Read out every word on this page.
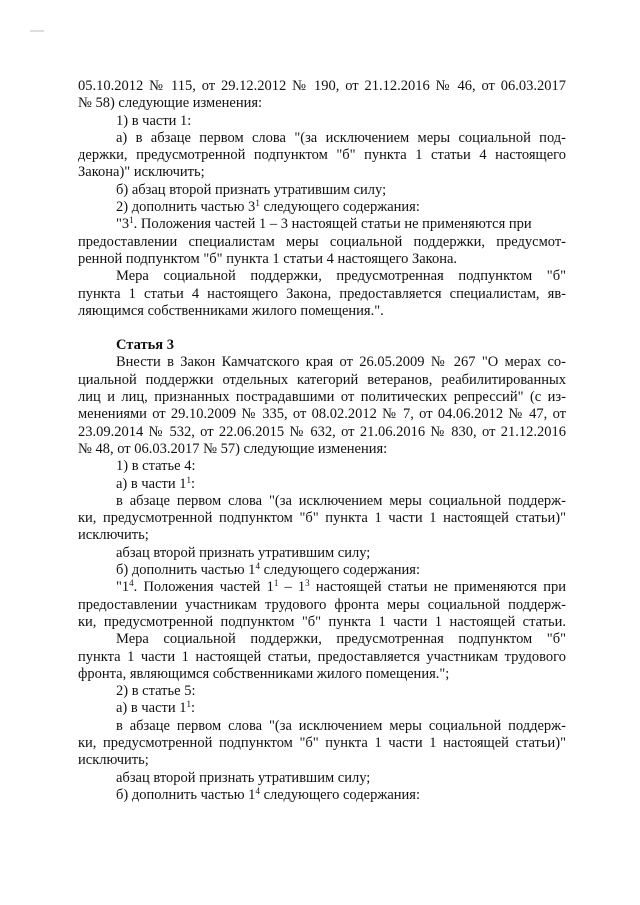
05.10.2012 № 115, от 29.12.2012 № 190, от 21.12.2016 № 46, от 06.03.2017
№ 58) следующие изменения:
1) в части 1:
а) в абзаце первом слова "(за исключением меры социальной под-
держки, предусмотренной подпунктом "б" пункта 1 статьи 4 настоящего
Закона)" исключить;
б) абзац второй признать утратившим силу;
2) дополнить частью $3^1$ следующего содержания:
"$3^1$. Положения частей 1 – 3 настоящей статьи не применяются при
предоставлении специалистам меры социальной поддержки, предусмот-
ренной подпунктом "б" пункта 1 статьи 4 настоящего Закона.
Мера социальной поддержки, предусмотренная подпунктом "б"
пункта 1 статьи 4 настоящего Закона, предоставляется специалистам, яв-
ляющимся собственниками жилого помещения.".
Статья 3
Внести в Закон Камчатского края от 26.05.2009 № 267 "О мерах со-
циальной поддержки отдельных категорий ветеранов, реабилитированных
лиц и лиц, признанных пострадавшими от политических репрессий" (с из-
менениями от 29.10.2009 № 335, от 08.02.2012 № 7, от 04.06.2012 № 47, от
23.09.2014 № 532, от 22.06.2015 № 632, от 21.06.2016 № 830, от 21.12.2016
№ 48, от 06.03.2017 № 57) следующие изменения:
1) в статье 4:
а) в части $1^1$:
в абзаце первом слова "(за исключением меры социальной поддерж-
ки, предусмотренной подпунктом "б" пункта 1 части 1 настоящей статьи)"
исключить;
абзац второй признать утратившим силу;
б) дополнить частью $1^4$ следующего содержания:
"$1^4$. Положения частей $1^1 - 1^3$ настоящей статьи не применяются при
предоставлении участникам трудового фронта меры социальной поддерж-
ки, предусмотренной подпунктом "б" пункта 1 части 1 настоящей статьи.
Мера социальной поддержки, предусмотренная подпунктом "б"
пункта 1 части 1 настоящей статьи, предоставляется участникам трудового
фронта, являющимся собственниками жилого помещения.";
2) в статье 5:
а) в части $1^1$:
в абзаце первом слова "(за исключением меры социальной поддерж-
ки, предусмотренной подпунктом "б" пункта 1 части 1 настоящей статьи)"
исключить;
абзац второй признать утратившим силу;
б) дополнить частью $1^4$ следующего содержания:
